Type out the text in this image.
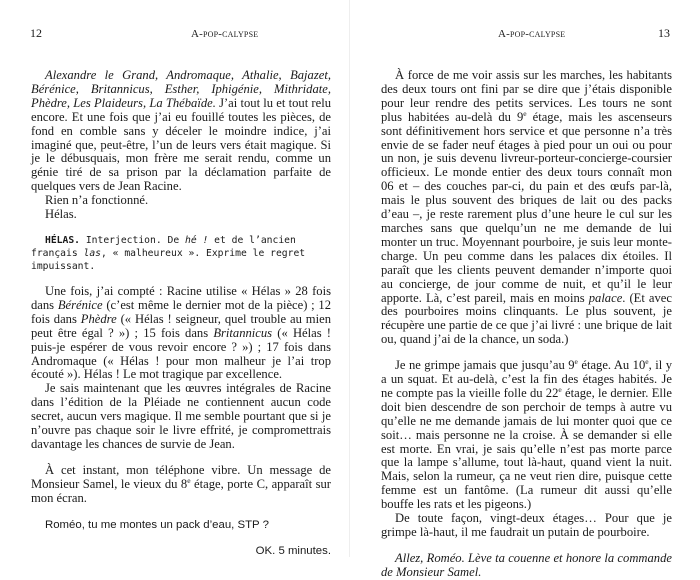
12	A-pop-calypse

Alexandre le Grand, Andromaque, Athalie, Bajazet, Bérénice, Britannicus, Esther, Iphigénie, Mithridate, Phèdre, Les Plaideurs, La Thébaïde. J’ai tout lu et tout relu encore. Et une fois que j’ai eu fouillé toutes les pièces, de fond en comble sans y déceler le moindre indice, j’ai imaginé que, peut-être, l’un de leurs vers était magique. Si je le débusquais, mon frère me serait rendu, comme un génie tiré de sa prison par la déclamation parfaite de quelques vers de Jean Racine.

Rien n’a fonctionné.

Hélas.

HÉLAS. Interjection. De hé ! et de l’ancien français las, « malheureux ». Exprime le regret impuissant.

Une fois, j’ai compté : Racine utilise « Hélas » 28 fois dans Bérénice (c’est même le dernier mot de la pièce) ; 12 fois dans Phèdre (« Hélas ! seigneur, quel trouble au mien peut être égal ? ») ; 15 fois dans Britannicus (« Hélas ! puis-je espérer de vous revoir encore ? ») ; 17 fois dans Andromaque (« Hélas ! pour mon malheur je l’ai trop écouté »). Hélas ! Le mot tragique par excellence.

Je sais maintenant que les œuvres intégrales de Racine dans l’édition de la Pléiade ne contiennent aucun code secret, aucun vers magique. Il me semble pourtant que si je n’ouvre pas chaque soir le livre effrité, je compromettrais davantage les chances de survie de Jean.

À cet instant, mon téléphone vibre. Un message de Monsieur Samel, le vieux du 8e étage, porte C, apparaît sur mon écran.

Roméo, tu me montes un pack d’eau, STP ?

OK. 5 minutes.

A-pop-calypse	13

À force de me voir assis sur les marches, les habitants des deux tours ont fini par se dire que j’étais disponible pour leur rendre des petits services. Les tours ne sont plus habitées au-delà du 9e étage, mais les ascenseurs sont définitivement hors service et que personne n’a très envie de se fader neuf étages à pied pour un oui ou pour un non, je suis devenu livreur-porteur-concierge-coursier officieux. Le monde entier des deux tours connaît mon 06 et – des couches par-ci, du pain et des œufs par-là, mais le plus souvent des briques de lait ou des packs d’eau –, je reste rarement plus d’une heure le cul sur les marches sans que quelqu’un ne me demande de lui monter un truc. Moyennant pourboire, je suis leur monte-charge. Un peu comme dans les palaces dix étoiles. Il paraît que les clients peuvent demander n’importe quoi au concierge, de jour comme de nuit, et qu’il le leur apporte. Là, c’est pareil, mais en moins palace. (Et avec des pourboires moins clinquants. Le plus souvent, je récupère une partie de ce que j’ai livré : une brique de lait ou, quand j’ai de la chance, un soda.)

Je ne grimpe jamais que jusqu’au 9e étage. Au 10e, il y a un squat. Et au-delà, c’est la fin des étages habités. Je ne compte pas la vieille folle du 22e étage, le dernier. Elle doit bien descendre de son perchoir de temps à autre vu qu’elle ne me demande jamais de lui monter quoi que ce soit… mais personne ne la croise. À se demander si elle est morte. En vrai, je sais qu’elle n’est pas morte parce que la lampe s’allume, tout là-haut, quand vient la nuit. Mais, selon la rumeur, ça ne veut rien dire, puisque cette femme est un fantôme. (La rumeur dit aussi qu’elle bouffe les rats et les pigeons.)

De toute façon, vingt-deux étages… Pour que je grimpe là-haut, il me faudrait un putain de pourboire.

Allez, Roméo. Lève ta couenne et honore la commande de Monsieur Samel.
